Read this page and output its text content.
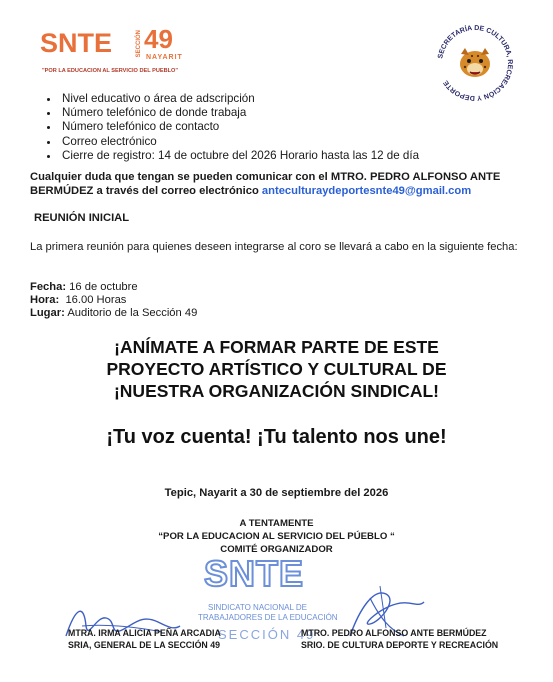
SNTE	SECCIÓN 49
NAYARIT
"POR LA EDUCACION AL SERVICIO DEL PUEBLO"
SECRETARÍA DE CULTURA, RECREACIÓN Y DEPORTE
• Nivel educativo o área de adscripción
• Número telefónico de donde trabaja
• Número telefónico de contacto
• Correo electrónico
• Cierre de registro: 14 de octubre del 2026 Horario hasta las 12 de día

Cualquier duda que tengan se pueden comunicar con el MTRO. PEDRO ALFONSO ANTE
BERMÚDEZ a través del correo electrónico anteculturaydeportesnte49@gmail.com

REUNIÓN INICIAL

La primera reunión para quienes deseen integrarse al coro se llevará a cabo en la siguiente fecha:

Fecha: 16 de octubre
Hora: 16.00 Horas
Lugar: Auditorio de la Sección 49
¡ANÍMATE A FORMAR PARTE DE ESTE
PROYECTO ARTÍSTICO Y CULTURAL DE
¡NUESTRA ORGANIZACIÓN SINDICAL!
¡Tu voz cuenta! ¡Tu talento nos une!
Tepic, Nayarit a 30 de septiembre del 2026
A TENTAMENTE
“POR LA EDUCACION AL SERVICIO DEL PÚEBLO “
COMITÉ ORGANIZADOR
SNTE
SINDICATO NACIONAL DE
TRABAJADORES DE LA EDUCACIÓN
SECCIÓN 49
MTRA. IRMA ALICIA PEÑA ARCADIA
SRIA, GENERAL DE LA SECCIÓN 49
MTRO. PEDRO ALFONSO ANTE BERMÚDEZ
SRIO. DE CULTURA DEPORTE Y RECREACIÓN
